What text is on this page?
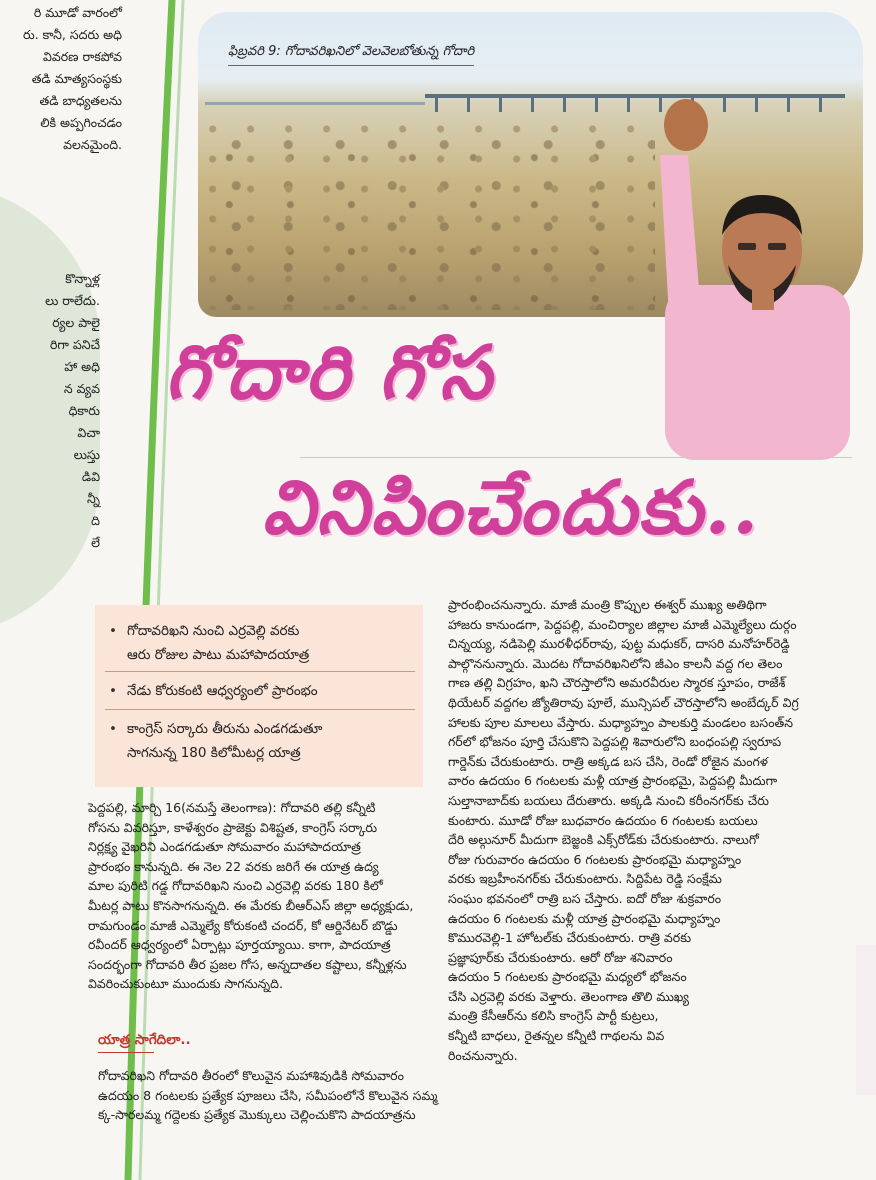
రి మూడో వారంలో

రు. కానీ, సదరు అధి

వివరణ రాకపోవ

తడి మాత్యసంస్థకు

తడి బాధ్యతలను

లికి అప్పగించడం

వలనమైంది.

కొన్నాళ్ల

లు రాలేదు.

ర్యల పాలై

రిగా పనిచే

హా అధి

న వ్యవ

ధికారు

విచా

లుస్తు

డివి

న్నీ

ది

లే

ఫిబ్రవరి 9: గోదావరిఖనిలో వెలవెలబోతున్న గోదారి
గోదారి గోస
వినిపించేందుకు..
• గోదావరిఖని నుంచి ఎర్రవెల్లి వరకు
ఆరు రోజుల పాటు మహాపాదయాత్ర
• నేడు కోరుకంటి ఆధ్వర్యంలో ప్రారంభం
• కాంగ్రెస్ సర్కారు తీరును ఎండగడుతూ
సాగనున్న 180 కిలోమీటర్ల యాత్ర

పెద్దపల్లి, మార్చి 16(నమస్తే తెలంగాణ): గోదావరి తల్లి కన్నీటి

గోసను వివరిస్తూ, కాళేశ్వరం ప్రాజెక్టు విశిష్టత, కాంగ్రెస్ సర్కారు

నిర్లక్ష్య వైఖరిని ఎండగడుతూ సోమవారం మహాపాదయాత్ర

ప్రారంభం కానున్నది. ఈ నెల 22 వరకు జరిగే ఈ యాత్ర ఉద్య

మాల పురిటి గడ్డ గోదావరిఖని నుంచి ఎర్రవెల్లి వరకు 180 కిలో

మీటర్ల పాటు కొనసాగనున్నది. ఈ మేరకు బీఆర్ఎస్ జిల్లా అధ్యక్షుడు,

రామగుండం మాజీ ఎమ్మెల్యే కోరుకంటి చందర్, కో ఆర్డినేటర్ బొడ్డు

రవీందర్ ఆధ్వర్యంలో ఏర్పాట్లు పూర్తయ్యాయి. కాగా, పాదయాత్ర

సందర్భంగా గోదావరి తీర ప్రజల గోస, అన్నదాతల కష్టాలు, కన్నీళ్లను

వివరించుకుంటూ ముందుకు సాగనున్నది.

యాత్ర సాగేదిలా..

గోదావరిఖని గోదావరి తీరంలో కొలువైన మహాశివుడికి సోమవారం

ఉదయం 8 గంటలకు ప్రత్యేక పూజలు చేసి, సమీపంలోనే కొలువైన సమ్మ

క్క-సారలమ్మ గద్దెలకు ప్రత్యేక మొక్కులు చెల్లించుకొని పాదయాత్రను

ప్రారంభించనున్నారు. మాజీ మంత్రి కొప్పుల ఈశ్వర్ ముఖ్య అతిథిగా

హాజరు కానుండగా, పెద్దపల్లి, మంచిర్యాల జిల్లాల మాజీ ఎమ్మెల్యేలు దుర్గం

చిన్నయ్య, నడిపెల్లి మురళీధర్‌రావు, పుట్ట మధుకర్, దాసరి మనోహర్‌రెడ్డి

పాల్గొననున్నారు. మొదట గోదావరిఖనిలోని జీఎం కాలనీ వద్ద గల తెలం

గాణ తల్లి విగ్రహం, ఖని చౌరస్తాలోని అమరవీరుల స్మారక స్తూపం, రాజేశ్

థియేటర్ వద్దగల జ్యోతిరావు పూలే, మున్సిపల్ చౌరస్తాలోని అంబేద్కర్ విగ్ర

హాలకు పూల మాలలు వేస్తారు. మధ్యాహ్నం పాలకుర్తి మండలం బసంత్‌న

గర్‌లో భోజనం పూర్తి చేసుకొని పెద్దపల్లి శివారులోని బంధంపల్లి స్వరూప

గార్డెన్‌కు చేరుకుంటారు. రాత్రి అక్కడ బస చేసి, రెండో రోజైన మంగళ

వారం ఉదయం 6 గంటలకు మళ్లీ యాత్ర ప్రారంభమై, పెద్దపల్లి మీదుగా

సుల్తానాబాద్‌కు బయలు దేరుతారు. అక్కడి నుంచి కరీంనగర్‌కు చేరు

కుంటారు. మూడో రోజు బుధవారం ఉదయం 6 గంటలకు బయలు

దేరి అల్గునూర్ మీదుగా బెజ్జంకి ఎక్స్‌రోడ్‌కు చేరుకుంటారు. నాలుగో

రోజు గురువారం ఉదయం 6 గంటలకు ప్రారంభమై మధ్యాహ్నం

వరకు ఇబ్రహీంనగర్‌కు చేరుకుంటారు. సిద్దిపేట రెడ్డి సంక్షేమ

సంఘం భవనంలో రాత్రి బస చేస్తారు. ఐదో రోజు శుక్రవారం

ఉదయం 6 గంటలకు మళ్లీ యాత్ర ప్రారంభమై మధ్యాహ్నం

కొమురవెల్లి-1 హోటల్‌కు చేరుకుంటారు. రాత్రి వరకు

ప్రజ్ఞాపూర్‌కు చేరుకుంటారు. ఆరో రోజు శనివారం

ఉదయం 5 గంటలకు ప్రారంభమై మధ్యలో భోజనం

చేసి ఎర్రవెల్లి వరకు వెళ్తారు. తెలంగాణ తొలి ముఖ్య

మంత్రి కేసీఆర్‌ను కలిసి కాంగ్రెస్ పార్టీ కుట్రలు,

కన్నీటి బాధలు, రైతన్నల కన్నీటి గాథలను వివ

రించనున్నారు.
